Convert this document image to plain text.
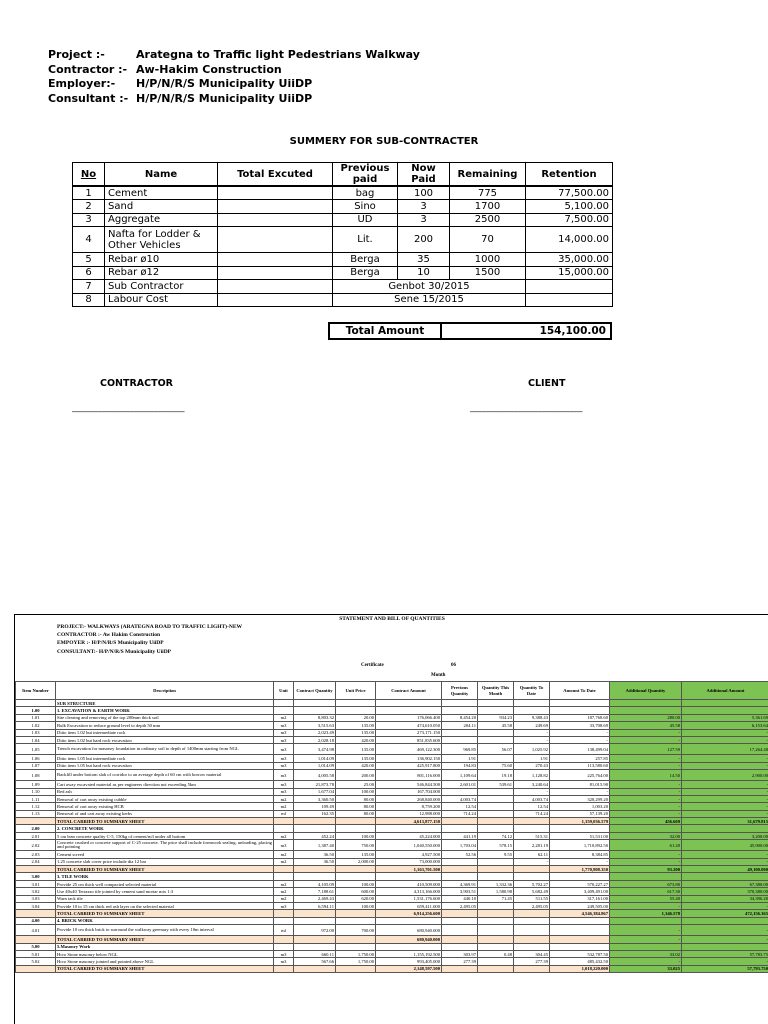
Project :-	Arategna to Traffic light Pedestrians Walkway
Contractor :- Aw-Hakim Construction
Employer:-	H/P/N/R/S Municipality UiiDP
Consultant :- H/P/N/R/S Municipality UiiDP
SUMMERY FOR SUB-CONTRACTER
No	Name	Total Excuted	Previous paid	Now Paid	Remaining	Retention
1	Cement		bag	100	775	77,500.00
2	Sand		Sino	3	1700	5,100.00
3	Aggregate		UD	3	2500	7,500.00
4	Nafta for Lodder & Other Vehicles		Lit.	200	70	14,000.00
5	Rebar ø10		Berga	35	1000	35,000.00
6	Rebar ø12		Berga	10	1500	15,000.00
7	Sub Contractor		Genbot 30/2015			
8	Labour Cost		Sene 15/2015			
Total Amount	154,100.00
CONTRACTOR	CLIENT
________________________________	________________________________
STATEMENT AND BILL OF QUANTITIES
PROJECT:- WALKWAYS (ARATEGNA ROAD TO TRAFFIC LIGHT)-NEW
CONTRACTOR :- Aw Hakim Construction
EMPOYER :- H/P/N/R/S Municipality UiiDP
CONSULTANT:- H/P/N/R/S Municipality UiiDP
Certificate	06
Month
Item Number	Description	Unit	Contract Quantity	Unit Price	Contract Amount	Previous Quantity	Quantity This Month	Quantity To Date	Amount To Date	Additional Quantity	Additional Amount
	SUB STRUCTURE										
1.00	1. EXCAVATION & EARTH WORK										
1.01	Site clearing and removing of the top 200mm thick soil	m2	8,803.32	20.00	176,066.400	8,454.20	934.23	9,388.43	187,768.60	280.00	5,361.69
1.02	Bulk Excavation to reduce ground level to depth 50 mm	m3	3,515.63	135.00	474,610.050	204.11	45.58	249.69	33,708.69	45.58	6,153.64
1.03	Ditto item 1.02 but intermediate rock	m3	2,023.49	135.00	273,171.150			-	-	-	-
1.04	Ditto item 1.02 but hard rock excavation	m3	2,028.18	420.00	851,835.600			-	-	-	-
1.05	Trench excavation for masonry foundation in ordinary soil to depth of 1400mm starting from NGL	m3	3,474.98	135.00	469,122.300	969.85	56.07	1,025.92	138,499.04	127.59	17,264.48
1.06	Ditto item 1.05 but intermediate rock	m3	1,014.09	135.00	136,902.150	1.91		1.91	257.85	-	-
1.07	Ditto item 1.05 but hard rock excavation	m3	1,014.09	420.00	425,917.800	194.83	75.60	270.43	113,580.60	-	-
1.08	Backfill under bottom slab of corridor to an average depth of 60 cm with borrow material	m3	4,005.58	200.00	801,116.000	1,109.64	19.18	1,128.82	225,764.00	14.50	2,900.00
1.09	Cart away excavated material as per engineers direction not exceeding 5km	m3	21,873.78	25.00	546,844.500	2,601.01	539.61	3,240.64	81,015.90	-	-
1.10	Red ash	m3	1,677.04	100.00	167,704.000			-	-	-	-
1.11	Removal of cart away existing cubble	m2	3,360.50	80.00	268,840.000	4,003.74		4,003.74	320,299.20	-	-
1.12	Removal of cart away existing HCB	m2	109.49	80.00	8,759.200	12.54		12.54	1,003.20	-	-
1.13	Removal of and cart away existing kerbs	ml	162.35	80.00	12,988.000	714.24		714.24	57,139.20	-	-
	TOTAL CARRIED TO SUMMARY SHEET				4,613,877.150				1,159,036.579	456.669	31,679.815
2.00	2. CONCRETE WORK										
2.01	5 cm lean concrete quality C-5, 150kg of cement/m3 under all bottom	m2	452.24	100.00	45,224.000	441.19	74.12	515.31	51,531.00	32.00	3,200.00
2.02	Concrete crushed or concrete support of C-25 concrete. The price shall include formwork sealing, unloading, placing and pointing	m3	1,387.40	750.00	1,040,550.000	1,703.04	578.15	2,281.19	1,710,892.50	61.20	45,900.00
2.03	Cement screed	m2	36.50	135.00	4,927.500	52.56	9.55	62.11	8,384.85	-	-
2.04	1.25 concrete slab cover price include dia 12 bar	m2	36.50	2,000.00	73,000.000			-	-	-	-
	TOTAL CARRIED TO SUMMARY SHEET				1,163,701.500				1,770,808.350	93.200	49,100.000
3.00	3. TILE WORK										
3.01	Provide 25 cm thick well compacted selected material	m2	4,105.09	100.00	410,509.000	4,369.91	1,332.36	5,702.27	570,227.27	673.80	67,380.00
3.02	Use 40x40 Terrazzo tile jointed by cement sand mortar mix 1:3	m2	7,188.61	600.00	4,313,166.000	3,903.51	1,580.98	5,682.49	3,409,491.00	617.30	370,380.00
3.03	Warn tack tile	m2	2,469.43	620.00	1,531,176.600	440.10	71.45	511.55	317,161.00	55.40	34,396.20
3.04	Provide 10 to 15 cm thick red ash layer on the selected material	m3	6,594.11	100.00	659,411.000	2,495.05		2,495.05	249,505.00	-	-
	TOTAL CARRIED TO SUMMARY SHEET				6,914,256.600				4,546,384.867	1,346.578	472,156.365
4.00	4. BRICK WORK										
4.01	Provide 10 cm thick brick to surround the walkway greenary with every 10m interval	ml	972.00	700.00	680,940.000					-	-
	TOTAL CARRIED TO SUMMARY SHEET				680,940.000					-	-
5.00	5.Masonry Work										
5.01	Hcro Stone masonry below NGL	m3	660.11	1,750.00	1,155,192.500	303.97	0.48	304.45	532,787.50	33.02	57,783.75
5.02	Hcro Stone masonry jointed and pointed above NGL	m3	567.66	1,750.00	993,405.000	277.39		277.39	485,432.50	-	-
	TOTAL CARRIED TO SUMMARY SHEET				2,148,597.500				1,018,220.000	33.025	57,793.750
